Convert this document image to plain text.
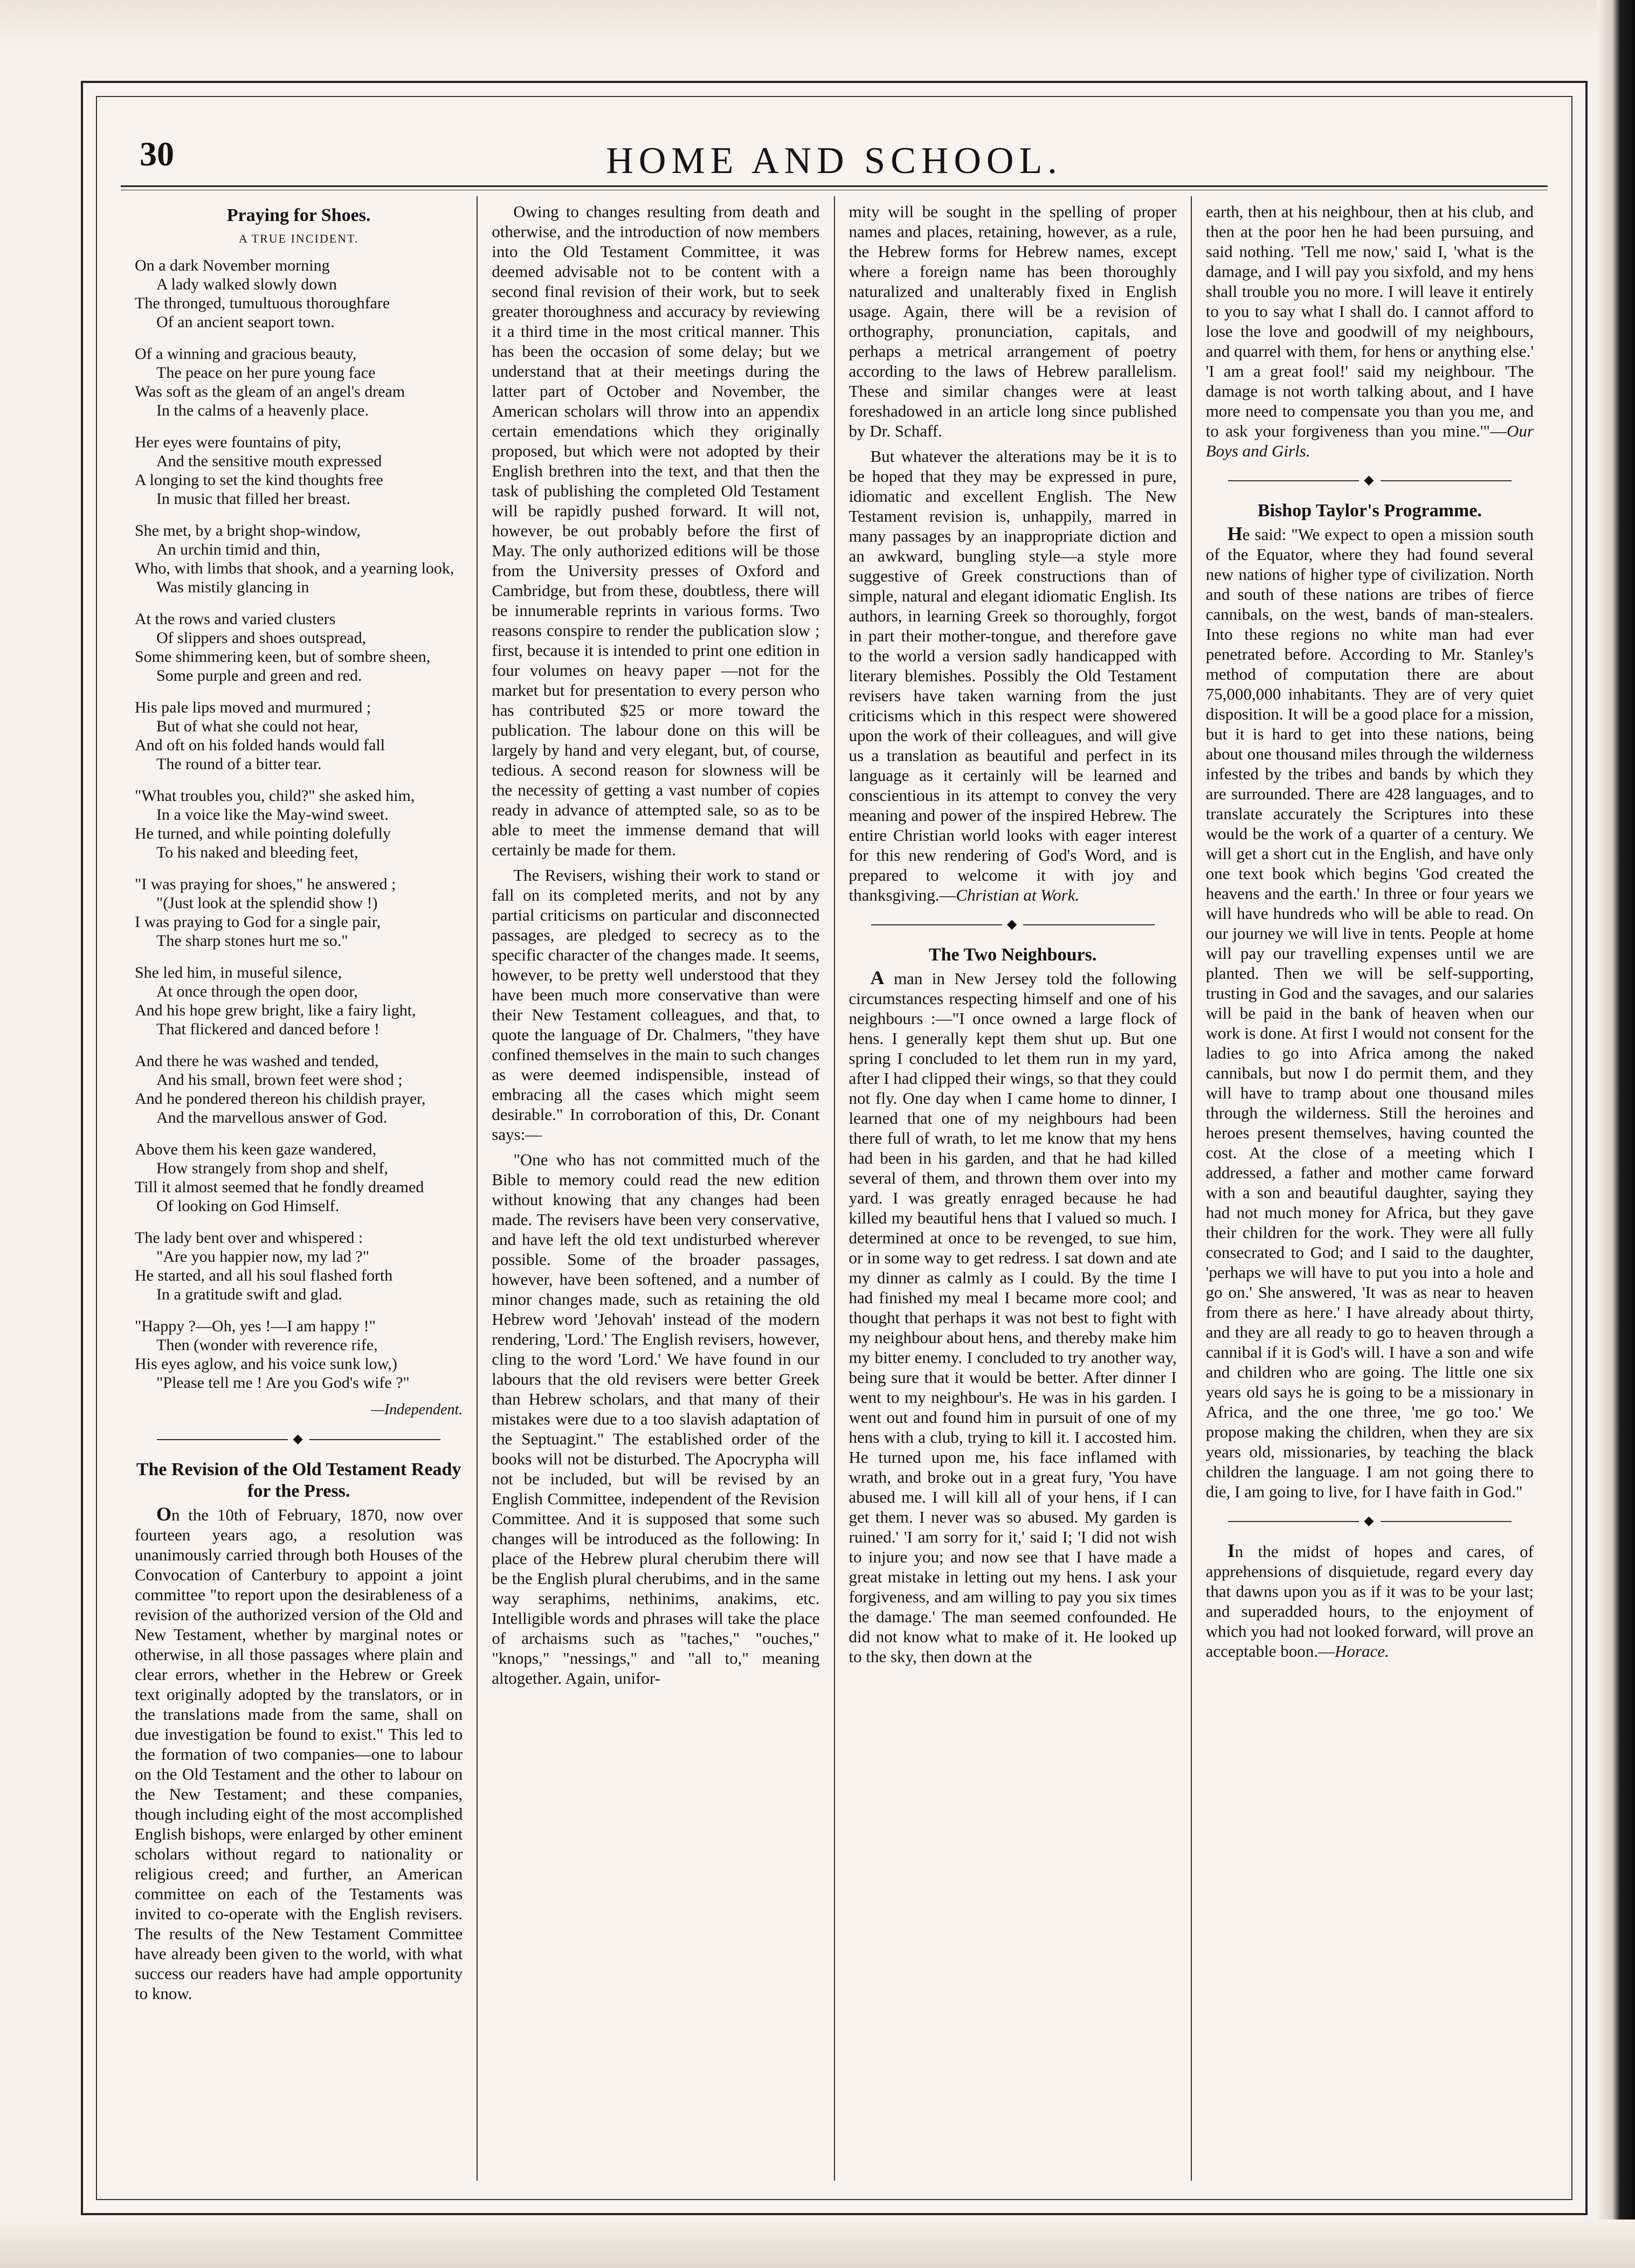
30	HOME AND SCHOOL.
Praying for Shoes.
A TRUE INCIDENT.
On a dark November morning
A lady walked slowly down
The thronged, tumultuous thoroughfare
Of an ancient seaport town.
Of a winning and gracious beauty,
The peace on her pure young face
Was soft as the gleam of an angel's dream
In the calms of a heavenly place.
Her eyes were fountains of pity,
And the sensitive mouth expressed
A longing to set the kind thoughts free
In music that filled her breast.
She met, by a bright shop-window,
An urchin timid and thin,
Who, with limbs that shook, and a yearning look,
Was mistily glancing in
At the rows and varied clusters
Of slippers and shoes outspread,
Some shimmering keen, but of sombre sheen,
Some purple and green and red.
His pale lips moved and murmured ;
But of what she could not hear,
And oft on his folded hands would fall
The round of a bitter tear.
"What troubles you, child?" she asked him,
In a voice like the May-wind sweet.
He turned, and while pointing dolefully
To his naked and bleeding feet,
"I was praying for shoes," he answered ;
"(Just look at the splendid show !)
I was praying to God for a single pair,
The sharp stones hurt me so."
She led him, in museful silence,
At once through the open door,
And his hope grew bright, like a fairy light,
That flickered and danced before !
And there he was washed and tended,
And his small, brown feet were shod ;
And he pondered thereon his childish prayer,
And the marvellous answer of God.
Above them his keen gaze wandered,
How strangely from shop and shelf,
Till it almost seemed that he fondly dreamed
Of looking on God Himself.
The lady bent over and whispered :
"Are you happier now, my lad ?"
He started, and all his soul flashed forth
In a gratitude swift and glad.
"Happy ?—Oh, yes !—I am happy !"
Then (wonder with reverence rife,
His eyes aglow, and his voice sunk low,)
"Please tell me ! Are you God's wife ?"
—Independent.
◆
The Revision of the Old Testament Ready for the Press.

On the 10th of February, 1870, now over fourteen years ago, a resolution was unanimously carried through both Houses of the Convocation of Canterbury to appoint a joint committee "to report upon the desirableness of a revision of the authorized version of the Old and New Testament, whether by marginal notes or otherwise, in all those passages where plain and clear errors, whether in the Hebrew or Greek text originally adopted by the translators, or in the translations made from the same, shall on due investigation be found to exist." This led to the formation of two companies—one to labour on the Old Testament and the other to labour on the New Testament; and these companies, though including eight of the most accomplished English bishops, were enlarged by other eminent scholars without regard to nationality or religious creed; and further, an American committee on each of the Testaments was invited to co-operate with the English revisers. The results of the New Testament Committee have already been given to the world, with what success our readers have had ample opportunity to know.

Owing to changes resulting from death and otherwise, and the introduction of now members into the Old Testament Committee, it was deemed advisable not to be content with a second final revision of their work, but to seek greater thoroughness and accuracy by reviewing it a third time in the most critical manner. This has been the occasion of some delay; but we understand that at their meetings during the latter part of October and November, the American scholars will throw into an appendix certain emendations which they originally proposed, but which were not adopted by their English brethren into the text, and that then the task of publishing the completed Old Testament will be rapidly pushed forward. It will not, however, be out probably before the first of May. The only authorized editions will be those from the University presses of Oxford and Cambridge, but from these, doubtless, there will be innumerable reprints in various forms. Two reasons conspire to render the publication slow ; first, because it is intended to print one edition in four volumes on heavy paper —not for the market but for presentation to every person who has contributed $25 or more toward the publication. The labour done on this will be largely by hand and very elegant, but, of course, tedious. A second reason for slowness will be the necessity of getting a vast number of copies ready in advance of attempted sale, so as to be able to meet the immense demand that will certainly be made for them.

The Revisers, wishing their work to stand or fall on its completed merits, and not by any partial criticisms on particular and disconnected passages, are pledged to secrecy as to the specific character of the changes made. It seems, however, to be pretty well understood that they have been much more conservative than were their New Testament colleagues, and that, to quote the language of Dr. Chalmers, "they have confined themselves in the main to such changes as were deemed indispensible, instead of embracing all the cases which might seem desirable." In corroboration of this, Dr. Conant says:—

"One who has not committed much of the Bible to memory could read the new edition without knowing that any changes had been made. The revisers have been very conservative, and have left the old text undisturbed wherever possible. Some of the broader passages, however, have been softened, and a number of minor changes made, such as retaining the old Hebrew word 'Jehovah' instead of the modern rendering, 'Lord.' The English revisers, however, cling to the word 'Lord.' We have found in our labours that the old revisers were better Greek than Hebrew scholars, and that many of their mistakes were due to a too slavish adaptation of the Septuagint." The established order of the books will not be disturbed. The Apocrypha will not be included, but will be revised by an English Committee, independent of the Revision Committee. And it is supposed that some such changes will be introduced as the following: In place of the Hebrew plural cherubim there will be the English plural cherubims, and in the same way seraphims, nethinims, anakims, etc. Intelligible words and phrases will take the place of archaisms such as "taches," "ouches," "knops," "nessings," and "all to," meaning altogether. Again, unifor-

mity will be sought in the spelling of proper names and places, retaining, however, as a rule, the Hebrew forms for Hebrew names, except where a foreign name has been thoroughly naturalized and unalterably fixed in English usage. Again, there will be a revision of orthography, pronunciation, capitals, and perhaps a metrical arrangement of poetry according to the laws of Hebrew parallelism. These and similar changes were at least foreshadowed in an article long since published by Dr. Schaff.

But whatever the alterations may be it is to be hoped that they may be expressed in pure, idiomatic and excellent English. The New Testament revision is, unhappily, marred in many passages by an inappropriate diction and an awkward, bungling style—a style more suggestive of Greek constructions than of simple, natural and elegant idiomatic English. Its authors, in learning Greek so thoroughly, forgot in part their mother-tongue, and therefore gave to the world a version sadly handicapped with literary blemishes. Possibly the Old Testament revisers have taken warning from the just criticisms which in this respect were showered upon the work of their colleagues, and will give us a translation as beautiful and perfect in its language as it certainly will be learned and conscientious in its attempt to convey the very meaning and power of the inspired Hebrew. The entire Christian world looks with eager interest for this new rendering of God's Word, and is prepared to welcome it with joy and thanksgiving.—Christian at Work.

◆
The Two Neighbours.

A man in New Jersey told the following circumstances respecting himself and one of his neighbours :—"I once owned a large flock of hens. I generally kept them shut up. But one spring I concluded to let them run in my yard, after I had clipped their wings, so that they could not fly. One day when I came home to dinner, I learned that one of my neighbours had been there full of wrath, to let me know that my hens had been in his garden, and that he had killed several of them, and thrown them over into my yard. I was greatly enraged because he had killed my beautiful hens that I valued so much. I determined at once to be revenged, to sue him, or in some way to get redress. I sat down and ate my dinner as calmly as I could. By the time I had finished my meal I became more cool; and thought that perhaps it was not best to fight with my neighbour about hens, and thereby make him my bitter enemy. I concluded to try another way, being sure that it would be better. After dinner I went to my neighbour's. He was in his garden. I went out and found him in pursuit of one of my hens with a club, trying to kill it. I accosted him. He turned upon me, his face inflamed with wrath, and broke out in a great fury, 'You have abused me. I will kill all of your hens, if I can get them. I never was so abused. My garden is ruined.' 'I am sorry for it,' said I; 'I did not wish to injure you; and now see that I have made a great mistake in letting out my hens. I ask your forgiveness, and am willing to pay you six times the damage.' The man seemed confounded. He did not know what to make of it. He looked up to the sky, then down at the

earth, then at his neighbour, then at his club, and then at the poor hen he had been pursuing, and said nothing. 'Tell me now,' said I, 'what is the damage, and I will pay you sixfold, and my hens shall trouble you no more. I will leave it entirely to you to say what I shall do. I cannot afford to lose the love and goodwill of my neighbours, and quarrel with them, for hens or anything else.' 'I am a great fool!' said my neighbour. 'The damage is not worth talking about, and I have more need to compensate you than you me, and to ask your forgiveness than you mine.'"—Our Boys and Girls.

◆
Bishop Taylor's Programme.

He said: "We expect to open a mission south of the Equator, where they had found several new nations of higher type of civilization. North and south of these nations are tribes of fierce cannibals, on the west, bands of man-stealers. Into these regions no white man had ever penetrated before. According to Mr. Stanley's method of computation there are about 75,000,000 inhabitants. They are of very quiet disposition. It will be a good place for a mission, but it is hard to get into these nations, being about one thousand miles through the wilderness infested by the tribes and bands by which they are surrounded. There are 428 languages, and to translate accurately the Scriptures into these would be the work of a quarter of a century. We will get a short cut in the English, and have only one text book which begins 'God created the heavens and the earth.' In three or four years we will have hundreds who will be able to read. On our journey we will live in tents. People at home will pay our travelling expenses until we are planted. Then we will be self-supporting, trusting in God and the savages, and our salaries will be paid in the bank of heaven when our work is done. At first I would not consent for the ladies to go into Africa among the naked cannibals, but now I do permit them, and they will have to tramp about one thousand miles through the wilderness. Still the heroines and heroes present themselves, having counted the cost. At the close of a meeting which I addressed, a father and mother came forward with a son and beautiful daughter, saying they had not much money for Africa, but they gave their children for the work. They were all fully consecrated to God; and I said to the daughter, 'perhaps we will have to put you into a hole and go on.' She answered, 'It was as near to heaven from there as here.' I have already about thirty, and they are all ready to go to heaven through a cannibal if it is God's will. I have a son and wife and children who are going. The little one six years old says he is going to be a missionary in Africa, and the one three, 'me go too.' We propose making the children, when they are six years old, missionaries, by teaching the black children the language. I am not going there to die, I am going to live, for I have faith in God."

◆

In the midst of hopes and cares, of apprehensions of disquietude, regard every day that dawns upon you as if it was to be your last; and superadded hours, to the enjoyment of which you had not looked forward, will prove an acceptable boon.—Horace.
